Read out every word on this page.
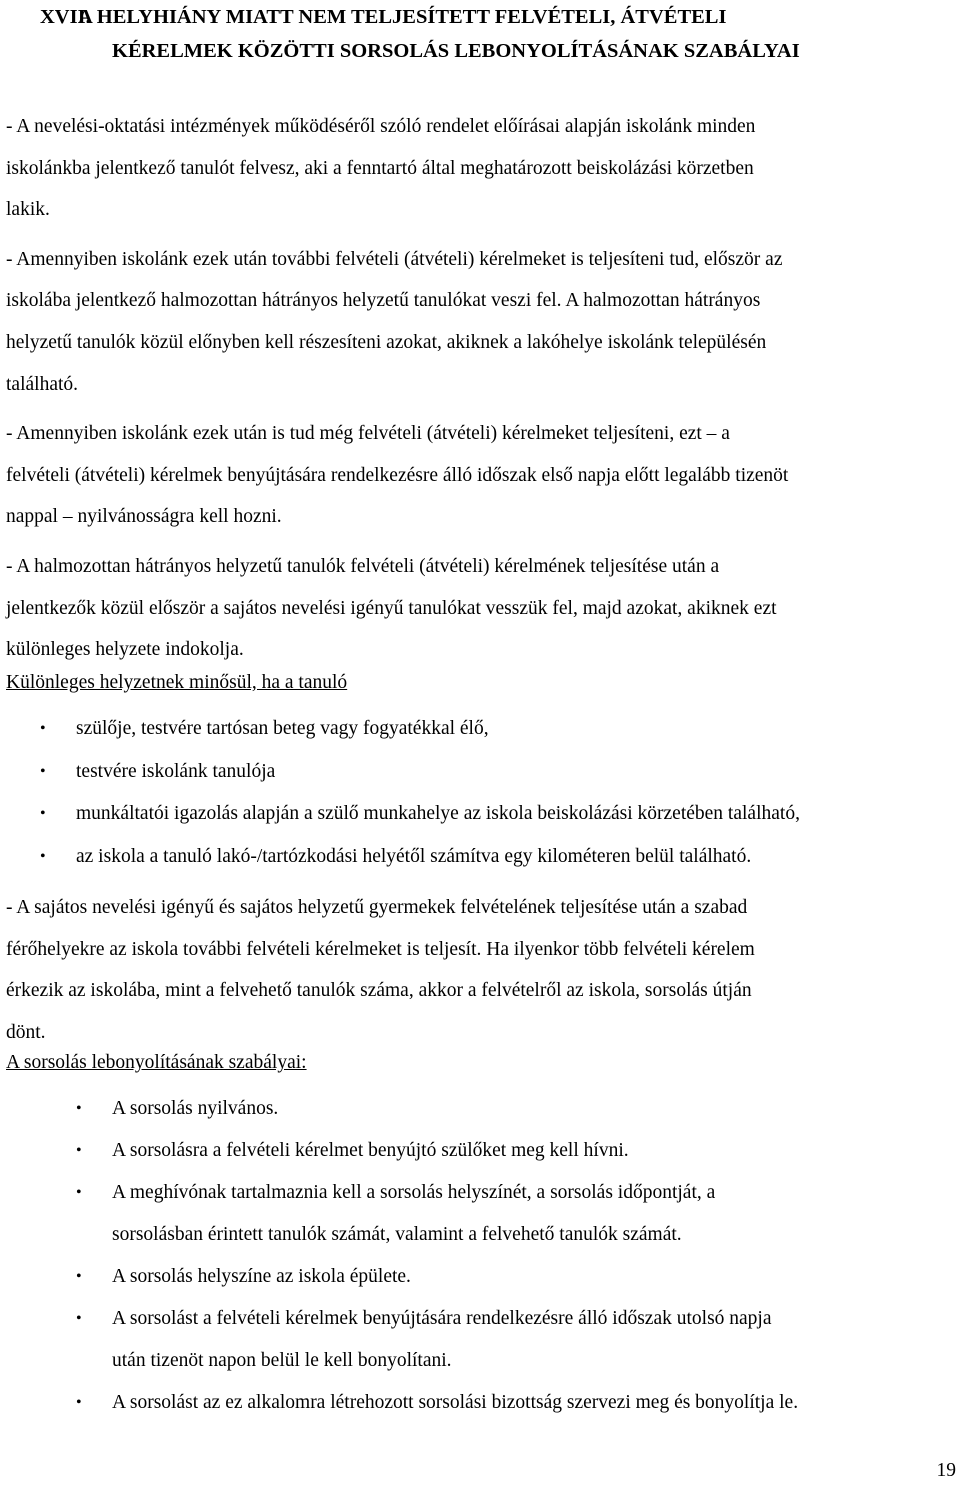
XVII.A HELYHIÁNY MIATT NEM TELJESÍTETT FELVÉTELI, ÁTVÉTELI
KÉRELMEK KÖZÖTTI SORSOLÁS LEBONYOLÍTÁSÁNAK SZABÁLYAI

- A nevelési-oktatási intézmények működéséről szóló rendelet előírásai alapján iskolánk minden
iskolánkba jelentkező tanulót felvesz, aki a fenntartó által meghatározott beiskolázási körzetben
lakik.

- Amennyiben iskolánk ezek után további felvételi (átvételi) kérelmeket is teljesíteni tud, először az
iskolába jelentkező halmozottan hátrányos helyzetű tanulókat veszi fel. A halmozottan hátrányos
helyzetű tanulók közül előnyben kell részesíteni azokat, akiknek a lakóhelye iskolánk településén
található.

- Amennyiben iskolánk ezek után is tud még felvételi (átvételi) kérelmeket teljesíteni, ezt – a
felvételi (átvételi) kérelmek benyújtására rendelkezésre álló időszak első napja előtt legalább tizenöt
nappal – nyilvánosságra kell hozni.

- A halmozottan hátrányos helyzetű tanulók felvételi (átvételi) kérelmének teljesítése után a
jelentkezők közül először a sajátos nevelési igényű tanulókat vesszük fel, majd azokat, akiknek ezt
különleges helyzete indokolja.

Különleges helyzetnek minősül, ha a tanuló

• szülője, testvére tartósan beteg vagy fogyatékkal élő,
• testvére iskolánk tanulója
• munkáltatói igazolás alapján a szülő munkahelye az iskola beiskolázási körzetében található,
• az iskola a tanuló lakó-/tartózkodási helyétől számítva egy kilométeren belül található.

- A sajátos nevelési igényű és sajátos helyzetű gyermekek felvételének teljesítése után a szabad
férőhelyekre az iskola további felvételi kérelmeket is teljesít. Ha ilyenkor több felvételi kérelem
érkezik az iskolába, mint a felvehető tanulók száma, akkor a felvételről az iskola, sorsolás útján
dönt.

A sorsolás lebonyolításának szabályai:

• A sorsolás nyilvános.
• A sorsolásra a felvételi kérelmet benyújtó szülőket meg kell hívni.
• A meghívónak tartalmaznia kell a sorsolás helyszínét, a sorsolás időpontját, a
sorsolásban érintett tanulók számát, valamint a felvehető tanulók számát.
• A sorsolás helyszíne az iskola épülete.
• A sorsolást a felvételi kérelmek benyújtására rendelkezésre álló időszak utolsó napja
után tizenöt napon belül le kell bonyolítani.
• A sorsolást az ez alkalomra létrehozott sorsolási bizottság szervezi meg és bonyolítja le.
19
